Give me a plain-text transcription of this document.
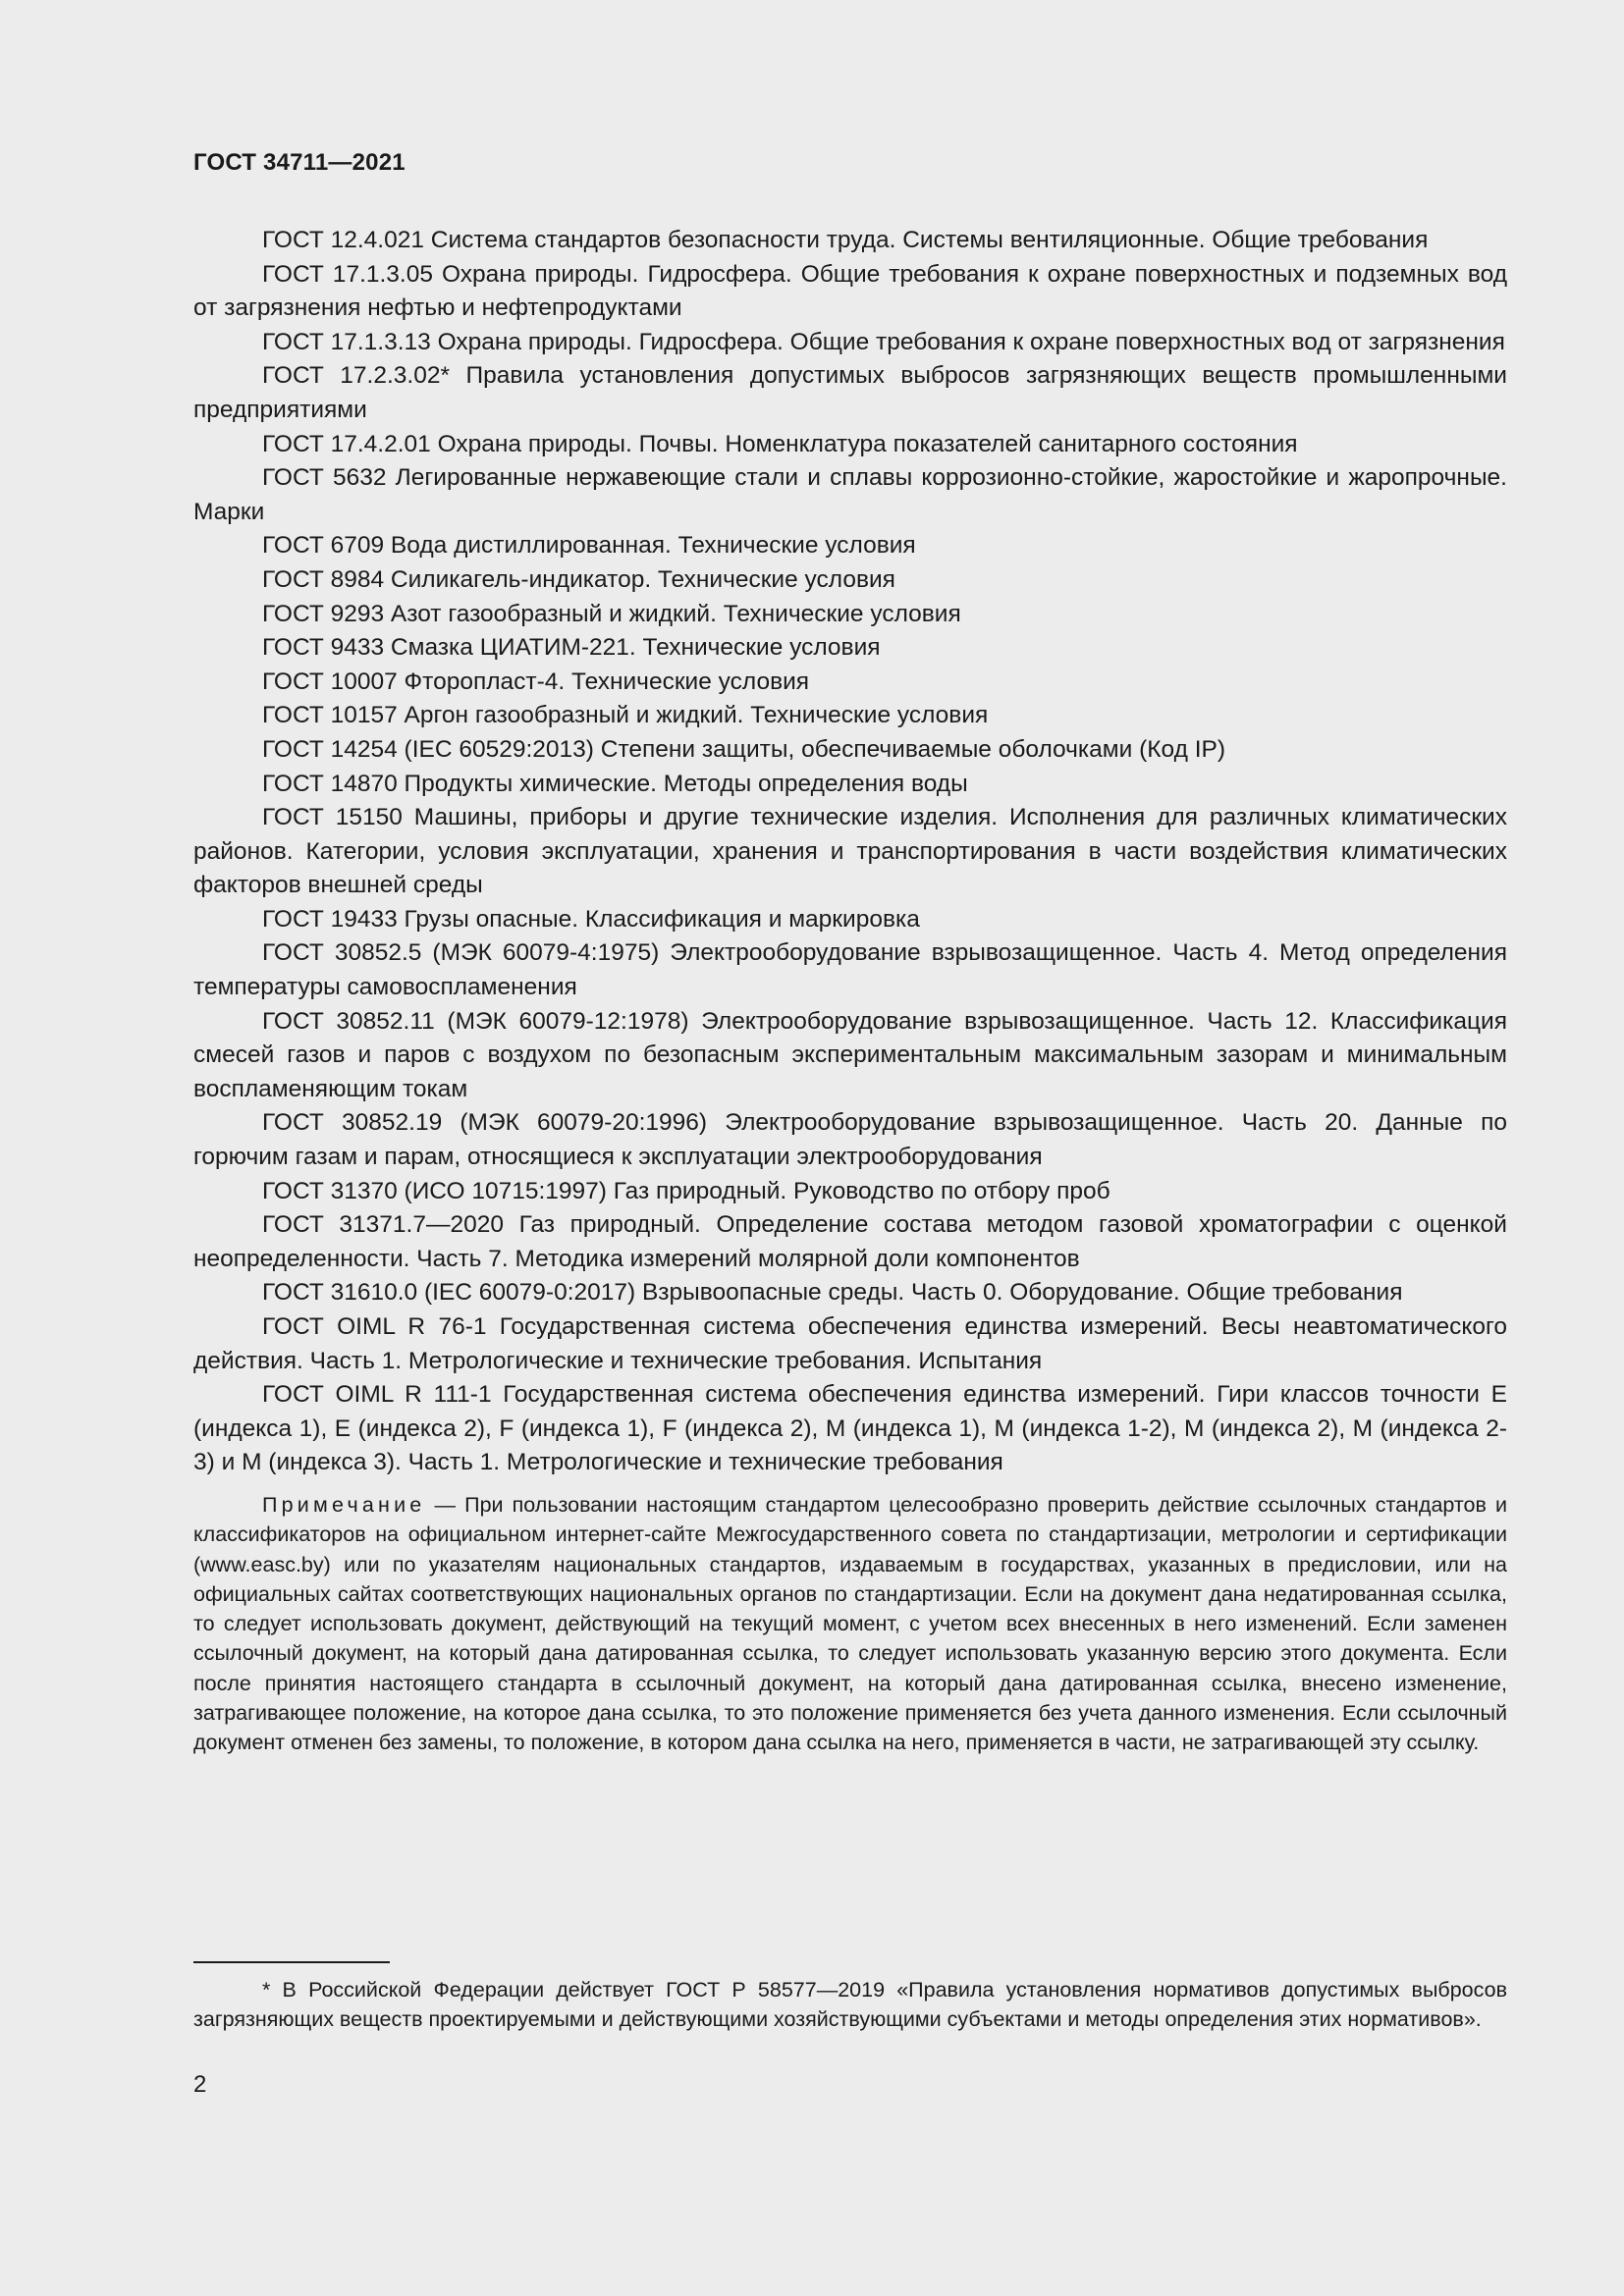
ГОСТ 34711—2021

ГОСТ 12.4.021 Система стандартов безопасности труда. Системы вентиляционные. Общие требования

ГОСТ 17.1.3.05 Охрана природы. Гидросфера. Общие требования к охране поверхностных и подземных вод от загрязнения нефтью и нефтепродуктами

ГОСТ 17.1.3.13 Охрана природы. Гидросфера. Общие требования к охране поверхностных вод от загрязнения

ГОСТ 17.2.3.02* Правила установления допустимых выбросов загрязняющих веществ промышленными предприятиями

ГОСТ 17.4.2.01 Охрана природы. Почвы. Номенклатура показателей санитарного состояния

ГОСТ 5632 Легированные нержавеющие стали и сплавы коррозионно-стойкие, жаростойкие и жаропрочные. Марки

ГОСТ 6709 Вода дистиллированная. Технические условия

ГОСТ 8984 Силикагель-индикатор. Технические условия

ГОСТ 9293 Азот газообразный и жидкий. Технические условия

ГОСТ 9433 Смазка ЦИАТИМ-221. Технические условия

ГОСТ 10007 Фторопласт-4. Технические условия

ГОСТ 10157 Аргон газообразный и жидкий. Технические условия

ГОСТ 14254 (IEC 60529:2013) Степени защиты, обеспечиваемые оболочками (Код IP)

ГОСТ 14870 Продукты химические. Методы определения воды

ГОСТ 15150 Машины, приборы и другие технические изделия. Исполнения для различных климатических районов. Категории, условия эксплуатации, хранения и транспортирования в части воздействия климатических факторов внешней среды

ГОСТ 19433 Грузы опасные. Классификация и маркировка

ГОСТ 30852.5 (МЭК 60079-4:1975) Электрооборудование взрывозащищенное. Часть 4. Метод определения температуры самовоспламенения

ГОСТ 30852.11 (МЭК 60079-12:1978) Электрооборудование взрывозащищенное. Часть 12. Классификация смесей газов и паров с воздухом по безопасным экспериментальным максимальным зазорам и минимальным воспламеняющим токам

ГОСТ 30852.19 (МЭК 60079-20:1996) Электрооборудование взрывозащищенное. Часть 20. Данные по горючим газам и парам, относящиеся к эксплуатации электрооборудования

ГОСТ 31370 (ИСО 10715:1997) Газ природный. Руководство по отбору проб

ГОСТ 31371.7—2020 Газ природный. Определение состава методом газовой хроматографии с оценкой неопределенности. Часть 7. Методика измерений молярной доли компонентов

ГОСТ 31610.0 (IEC 60079-0:2017) Взрывоопасные среды. Часть 0. Оборудование. Общие требования

ГОСТ OIML R 76-1 Государственная система обеспечения единства измерений. Весы неавтоматического действия. Часть 1. Метрологические и технические требования. Испытания

ГОСТ OIML R 111-1 Государственная система обеспечения единства измерений. Гири классов точности E (индекса 1), E (индекса 2), F (индекса 1), F (индекса 2), M (индекса 1), M (индекса 1-2), M (индекса 2), M (индекса 2-3) и M (индекса 3). Часть 1. Метрологические и технические требования

Примечание — При пользовании настоящим стандартом целесообразно проверить действие ссылочных стандартов и классификаторов на официальном интернет-сайте Межгосударственного совета по стандартизации, метрологии и сертификации (www.easc.by) или по указателям национальных стандартов, издаваемым в государствах, указанных в предисловии, или на официальных сайтах соответствующих национальных органов по стандартизации. Если на документ дана недатированная ссылка, то следует использовать документ, действующий на текущий момент, с учетом всех внесенных в него изменений. Если заменен ссылочный документ, на который дана датированная ссылка, то следует использовать указанную версию этого документа. Если после принятия настоящего стандарта в ссылочный документ, на который дана датированная ссылка, внесено изменение, затрагивающее положение, на которое дана ссылка, то это положение применяется без учета данного изменения. Если ссылочный документ отменен без замены, то положение, в котором дана ссылка на него, применяется в части, не затрагивающей эту ссылку.

* В Российской Федерации действует ГОСТ Р 58577—2019 «Правила установления нормативов допустимых выбросов загрязняющих веществ проектируемыми и действующими хозяйствующими субъектами и методы определения этих нормативов».
2
